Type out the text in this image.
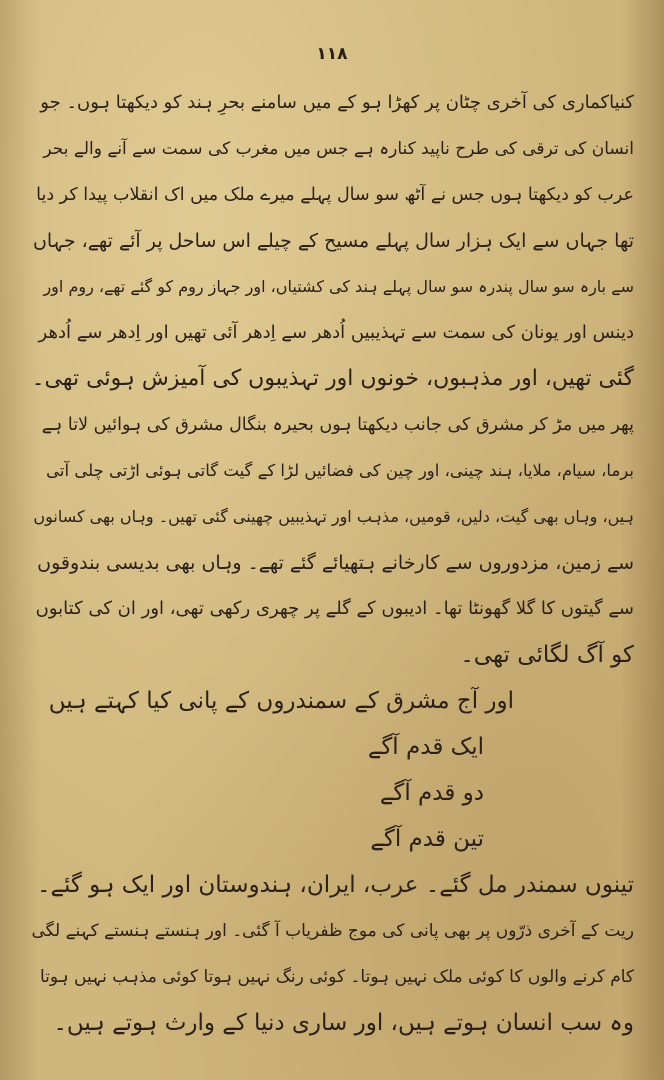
۱۱۸

کنیاکماری کی آخری چٹان پر کھڑا ہو کے میں سامنے بحرِ ہند کو دیکھتا ہوں۔ جو
انسان کی ترقی کی طرح ناپید کنارہ ہے جس میں مغرب کی سمت سے آنے والے بحر
عرب کو دیکھتا ہوں جس نے آٹھ سو سال پہلے میرے ملک میں اک انقلاب پیدا کر دیا
تھا جہاں سے ایک ہزار سال پہلے مسیح کے چیلے اس ساحل پر آئے تھے، جہاں
سے بارہ سو سال پندرہ سو سال پہلے ہند کی کشتیاں، اور جہاز روم کو گئے تھے، روم اور
دینس اور یونان کی سمت سے تہذیبیں اُدھر سے اِدھر آئی تھیں اور اِدھر سے اُدھر
گئی تھیں، اور مذہبوں، خونوں اور تہذیبوں کی آمیزش ہوئی تھی۔

پھر میں مڑ کر مشرق کی جانب دیکھتا ہوں بحیرہ بنگال مشرق کی ہوائیں لاتا ہے
برما، سیام، ملایا، ہند چینی، اور چین کی فضائیں لڑا کے گیت گاتی ہوئی اڑتی چلی آتی
ہیں، وہاں بھی گیت، دلیں، قومیں، مذہب اور تہذیبیں چھینی گئی تھیں۔ وہاں بھی کسانوں
سے زمین، مزدوروں سے کارخانے ہتھیائے گئے تھے۔ وہاں بھی بدیسی بندوقوں
سے گیتوں کا گلا گھونٹا تھا۔ ادیبوں کے گلے پر چھری رکھی تھی، اور ان کی کتابوں
کو آگ لگائی تھی۔

اور آج مشرق کے سمندروں کے پانی کیا کہتے ہیں
ایک قدم آگے
دو قدم آگے
تین قدم آگے

تینوں سمندر مل گئے۔ عرب، ایران، ہندوستان اور ایک ہو گئے۔
ریت کے آخری ذرّوں پر بھی پانی کی موج ظفریاب آ گئی۔ اور ہنستے ہنستے کہنے لگی
کام کرنے والوں کا کوئی ملک نہیں ہوتا۔ کوئی رنگ نہیں ہوتا کوئی مذہب نہیں ہوتا
وہ سب انسان ہوتے ہیں، اور ساری دنیا کے وارث ہوتے ہیں۔
